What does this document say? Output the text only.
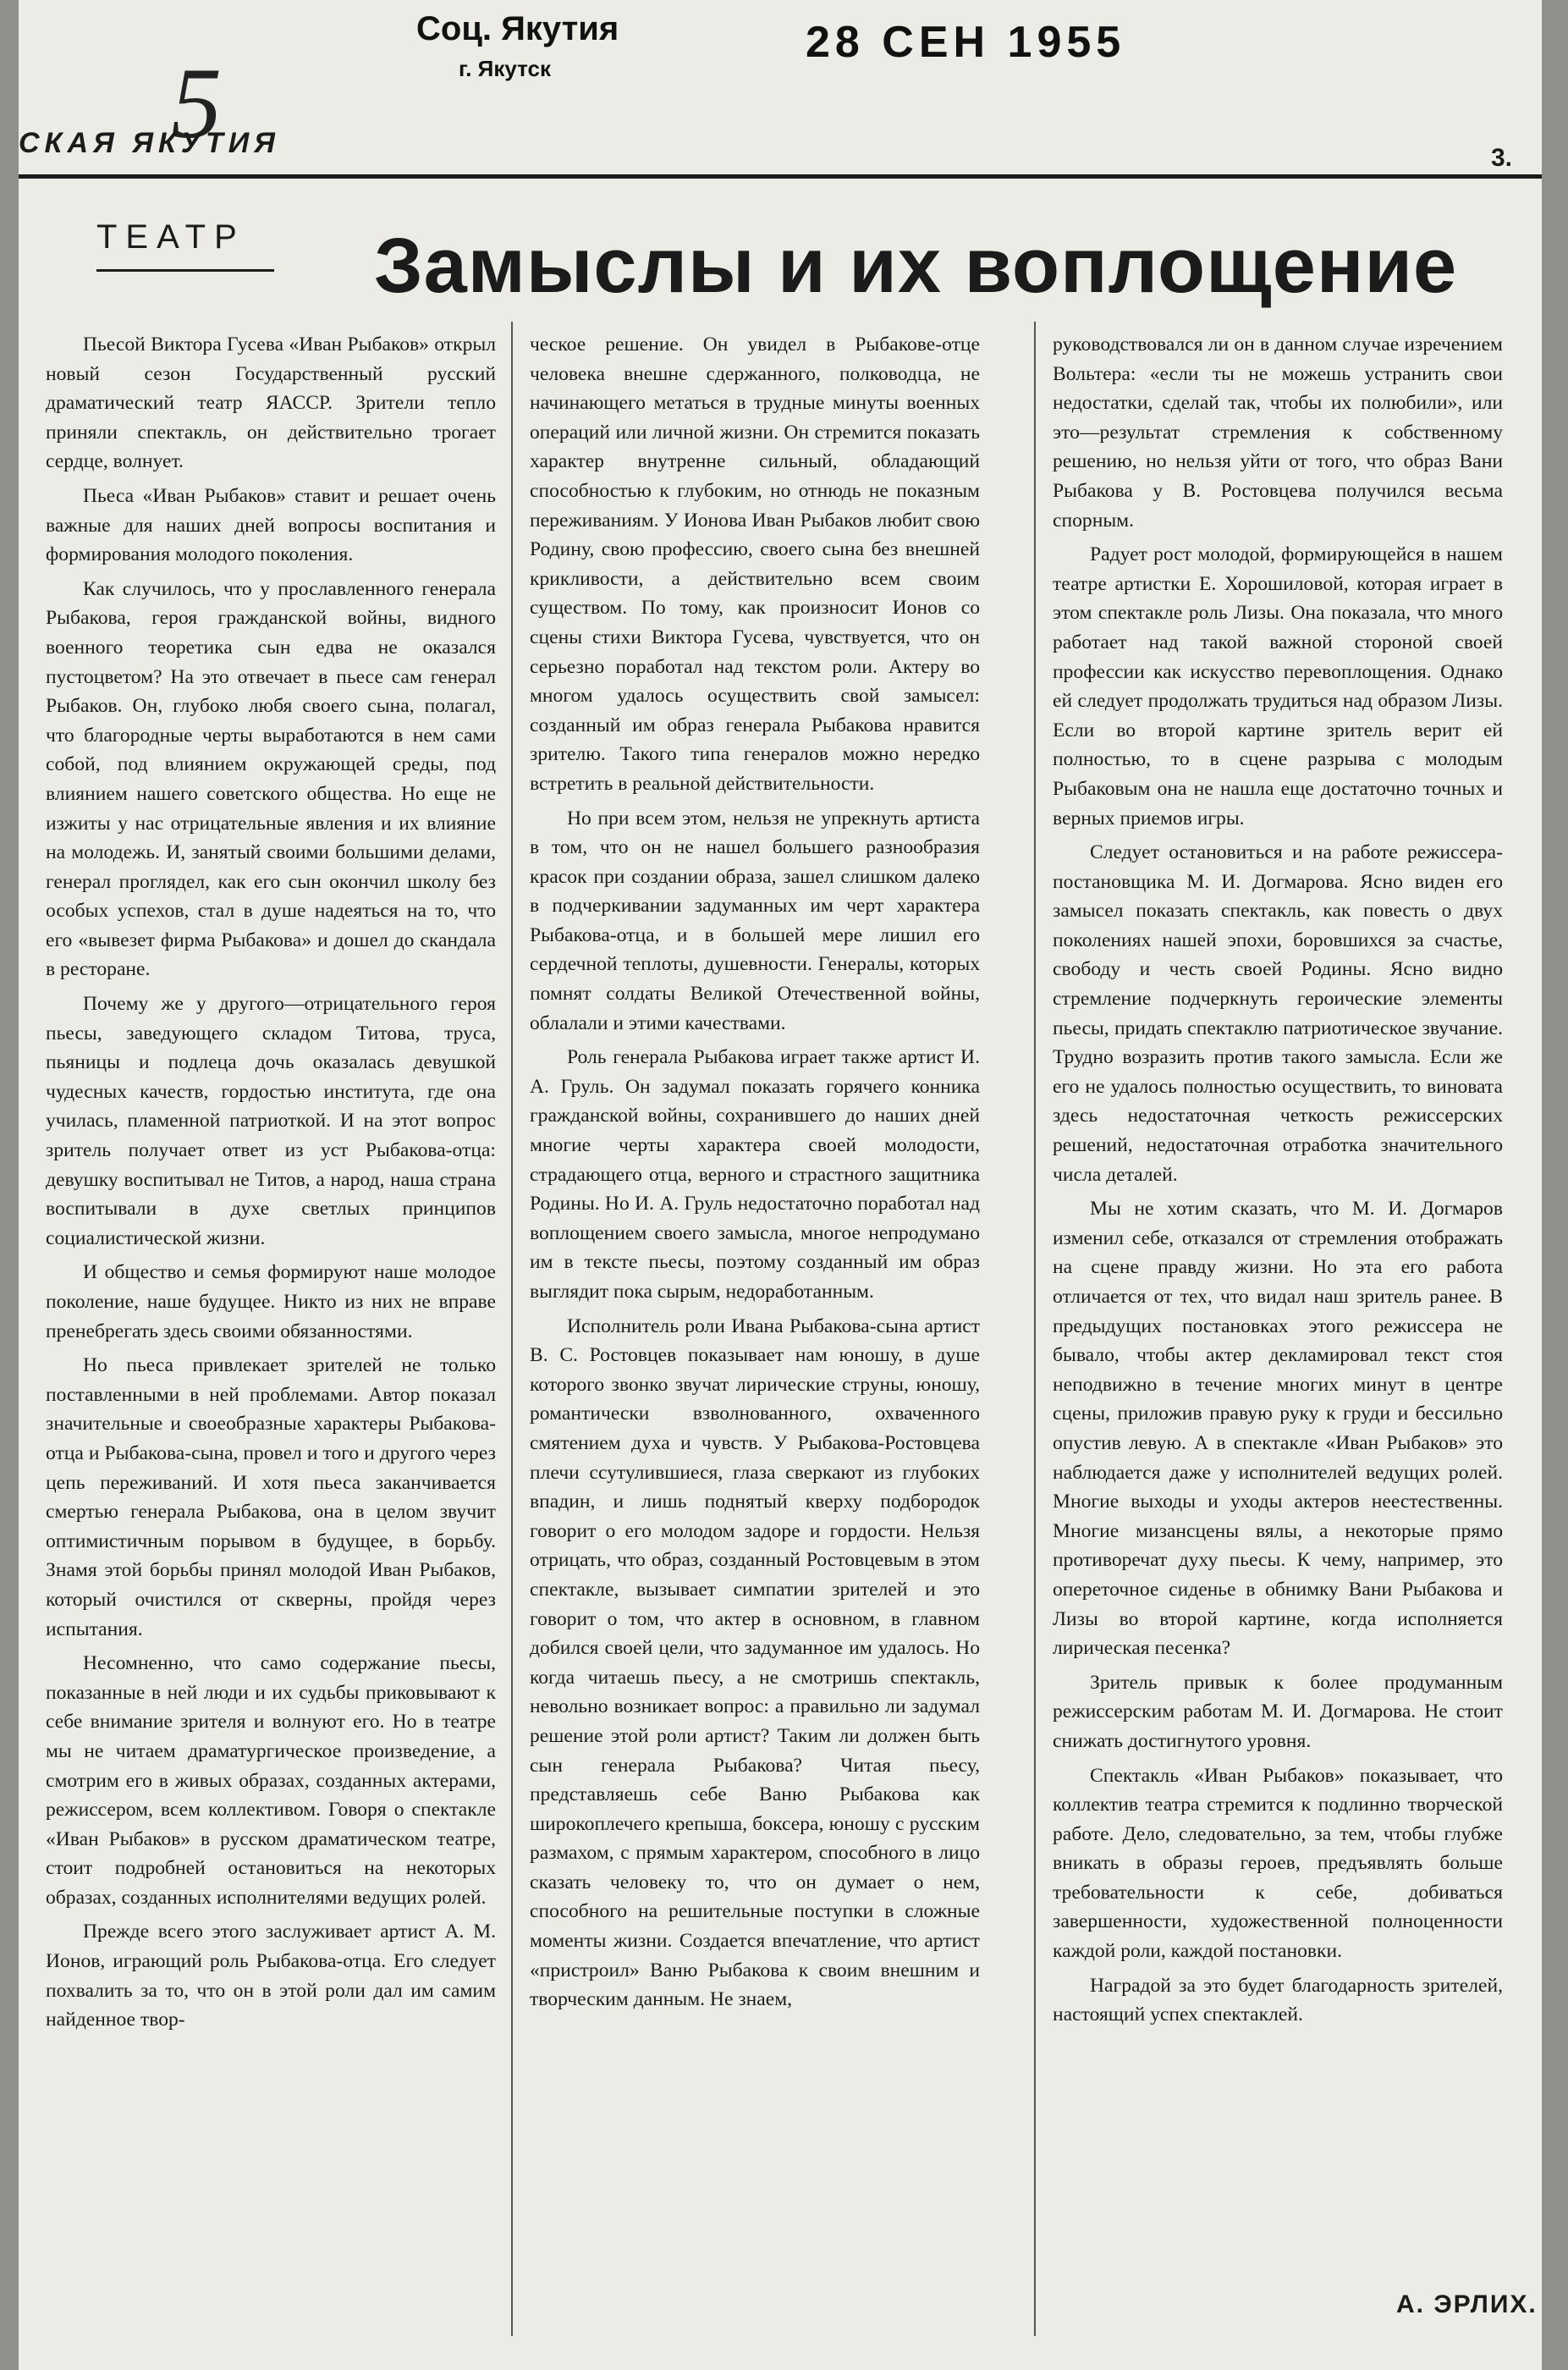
Соц. Якутия
г. Якутск
28 СЕН 1955
5
СКАЯ ЯКУТИЯ	3.
ТЕАТР Замыслы и их воплощение

Пьесой Виктора Гусева «Иван Рыбаков» открыл новый сезон Государственный русский драматический театр ЯАССР. Зрители тепло приняли спектакль, он действительно трогает сердце, волнует.

Пьеса «Иван Рыбаков» ставит и решает очень важные для наших дней вопросы воспитания и формирования молодого поколения.

Как случилось, что у прославленного генерала Рыбакова, героя гражданской войны, видного военного теоретика сын едва не оказался пустоцветом? На это отвечает в пьесе сам генерал Рыбаков. Он, глубоко любя своего сына, полагал, что благородные черты выработаются в нем сами собой, под влиянием окружающей среды, под влиянием нашего советского общества. Но еще не изжиты у нас отрицательные явления и их влияние на молодежь. И, занятый своими большими делами, генерал проглядел, как его сын окончил школу без особых успехов, стал в душе надеяться на то, что его «вывезет фирма Рыбакова» и дошел до скандала в ресторане.

Почему же у другого—отрицательного героя пьесы, заведующего складом Титова, труса, пьяницы и подлеца дочь оказалась девушкой чудесных качеств, гордостью института, где она училась, пламенной патриоткой. И на этот вопрос зритель получает ответ из уст Рыбакова-отца: девушку воспитывал не Титов, а народ, наша страна воспитывали в духе светлых принципов социалистической жизни.

И общество и семья формируют наше молодое поколение, наше будущее. Никто из них не вправе пренебрегать здесь своими обязанностями.

Но пьеса привлекает зрителей не только поставленными в ней проблемами. Автор показал значительные и своеобразные характеры Рыбакова-отца и Рыбакова-сына, провел и того и другого через цепь переживаний. И хотя пьеса заканчивается смертью генерала Рыбакова, она в целом звучит оптимистичным порывом в будущее, в борьбу. Знамя этой борьбы принял молодой Иван Рыбаков, который очистился от скверны, пройдя через испытания.

Несомненно, что само содержание пьесы, показанные в ней люди и их судьбы приковывают к себе внимание зрителя и волнуют его. Но в театре мы не читаем драматургическое произведение, а смотрим его в живых образах, созданных актерами, режиссером, всем коллективом. Говоря о спектакле «Иван Рыбаков» в русском драматическом театре, стоит подробней остановиться на некоторых образах, созданных исполнителями ведущих ролей.

Прежде всего этого заслуживает артист А. М. Ионов, играющий роль Рыбакова-отца. Его следует похвалить за то, что он в этой роли дал им самим найденное твор-

ческое решение. Он увидел в Рыбакове-отце человека внешне сдержанного, полководца, не начинающего метаться в трудные минуты военных операций или личной жизни. Он стремится показать характер внутренне сильный, обладающий способностью к глубоким, но отнюдь не показным переживаниям. У Ионова Иван Рыбаков любит свою Родину, свою профессию, своего сына без внешней крикливости, а действительно всем своим существом. По тому, как произносит Ионов со сцены стихи Виктора Гусева, чувствуется, что он серьезно поработал над текстом роли. Актеру во многом удалось осуществить свой замысел: созданный им образ генерала Рыбакова нравится зрителю. Такого типа генералов можно нередко встретить в реальной действительности.

Но при всем этом, нельзя не упрекнуть артиста в том, что он не нашел большего разнообразия красок при создании образа, зашел слишком далеко в подчеркивании задуманных им черт характера Рыбакова-отца, и в большей мере лишил его сердечной теплоты, душевности. Генералы, которых помнят солдаты Великой Отечественной войны, облалали и этими качествами.

Роль генерала Рыбакова играет также артист И. А. Груль. Он задумал показать горячего конника гражданской войны, сохранившего до наших дней многие черты характера своей молодости, страдающего отца, верного и страстного защитника Родины. Но И. А. Груль недостаточно поработал над воплощением своего замысла, многое непродумано им в тексте пьесы, поэтому созданный им образ выглядит пока сырым, недоработанным.

Исполнитель роли Ивана Рыбакова-сына артист В. С. Ростовцев показывает нам юношу, в душе которого звонко звучат лирические струны, юношу, романтически взволнованного, охваченного смятением духа и чувств. У Рыбакова-Ростовцева плечи ссутулившиеся, глаза сверкают из глубоких впадин, и лишь поднятый кверху подбородок говорит о его молодом задоре и гордости. Нельзя отрицать, что образ, созданный Ростовцевым в этом спектакле, вызывает симпатии зрителей и это говорит о том, что актер в основном, в главном добился своей цели, что задуманное им удалось. Но когда читаешь пьесу, а не смотришь спектакль, невольно возникает вопрос: а правильно ли задумал решение этой роли артист? Таким ли должен быть сын генерала Рыбакова? Читая пьесу, представляешь себе Ваню Рыбакова как широкоплечего крепыша, боксера, юношу с русским размахом, с прямым характером, способного в лицо сказать человеку то, что он думает о нем, способного на решительные поступки в сложные моменты жизни. Создается впечатление, что артист «пристроил» Ваню Рыбакова к своим внешним и творческим данным. Не знаем,

руководствовался ли он в данном случае изречением Вольтера: «если ты не можешь устранить свои недостатки, сделай так, чтобы их полюбили», или это—результат стремления к собственному решению, но нельзя уйти от того, что образ Вани Рыбакова у В. Ростовцева получился весьма спорным.

Радует рост молодой, формирующейся в нашем театре артистки Е. Хорошиловой, которая играет в этом спектакле роль Лизы. Она показала, что много работает над такой важной стороной своей профессии как искусство перевоплощения. Однако ей следует продолжать трудиться над образом Лизы. Если во второй картине зритель верит ей полностью, то в сцене разрыва с молодым Рыбаковым она не нашла еще достаточно точных и верных приемов игры.

Следует остановиться и на работе режиссера-постановщика М. И. Догмарова. Ясно виден его замысел показать спектакль, как повесть о двух поколениях нашей эпохи, боровшихся за счастье, свободу и честь своей Родины. Ясно видно стремление подчеркнуть героические элементы пьесы, придать спектаклю патриотическое звучание. Трудно возразить против такого замысла. Если же его не удалось полностью осуществить, то виновата здесь недостаточная четкость режиссерских решений, недостаточная отработка значительного числа деталей.

Мы не хотим сказать, что М. И. Догмаров изменил себе, отказался от стремления отображать на сцене правду жизни. Но эта его работа отличается от тех, что видал наш зритель ранее. В предыдущих постановках этого режиссера не бывало, чтобы актер декламировал текст стоя неподвижно в течение многих минут в центре сцены, приложив правую руку к груди и бессильно опустив левую. А в спектакле «Иван Рыбаков» это наблюдается даже у исполнителей ведущих ролей. Многие выходы и уходы актеров неестественны. Многие мизансцены вялы, а некоторые прямо противоречат духу пьесы. К чему, например, это опереточное сиденье в обнимку Вани Рыбакова и Лизы во второй картине, когда исполняется лирическая песенка?

Зритель привык к более продуманным режиссерским работам М. И. Догмарова. Не стоит снижать достигнутого уровня.

Спектакль «Иван Рыбаков» показывает, что коллектив театра стремится к подлинно творческой работе. Дело, следовательно, за тем, чтобы глубже вникать в образы героев, предъявлять больше требовательности к себе, добиваться завершенности, художественной полноценности каждой роли, каждой постановки.

Наградой за это будет благодарность зрителей, настоящий успех спектаклей.

А. ЭРЛИХ.
